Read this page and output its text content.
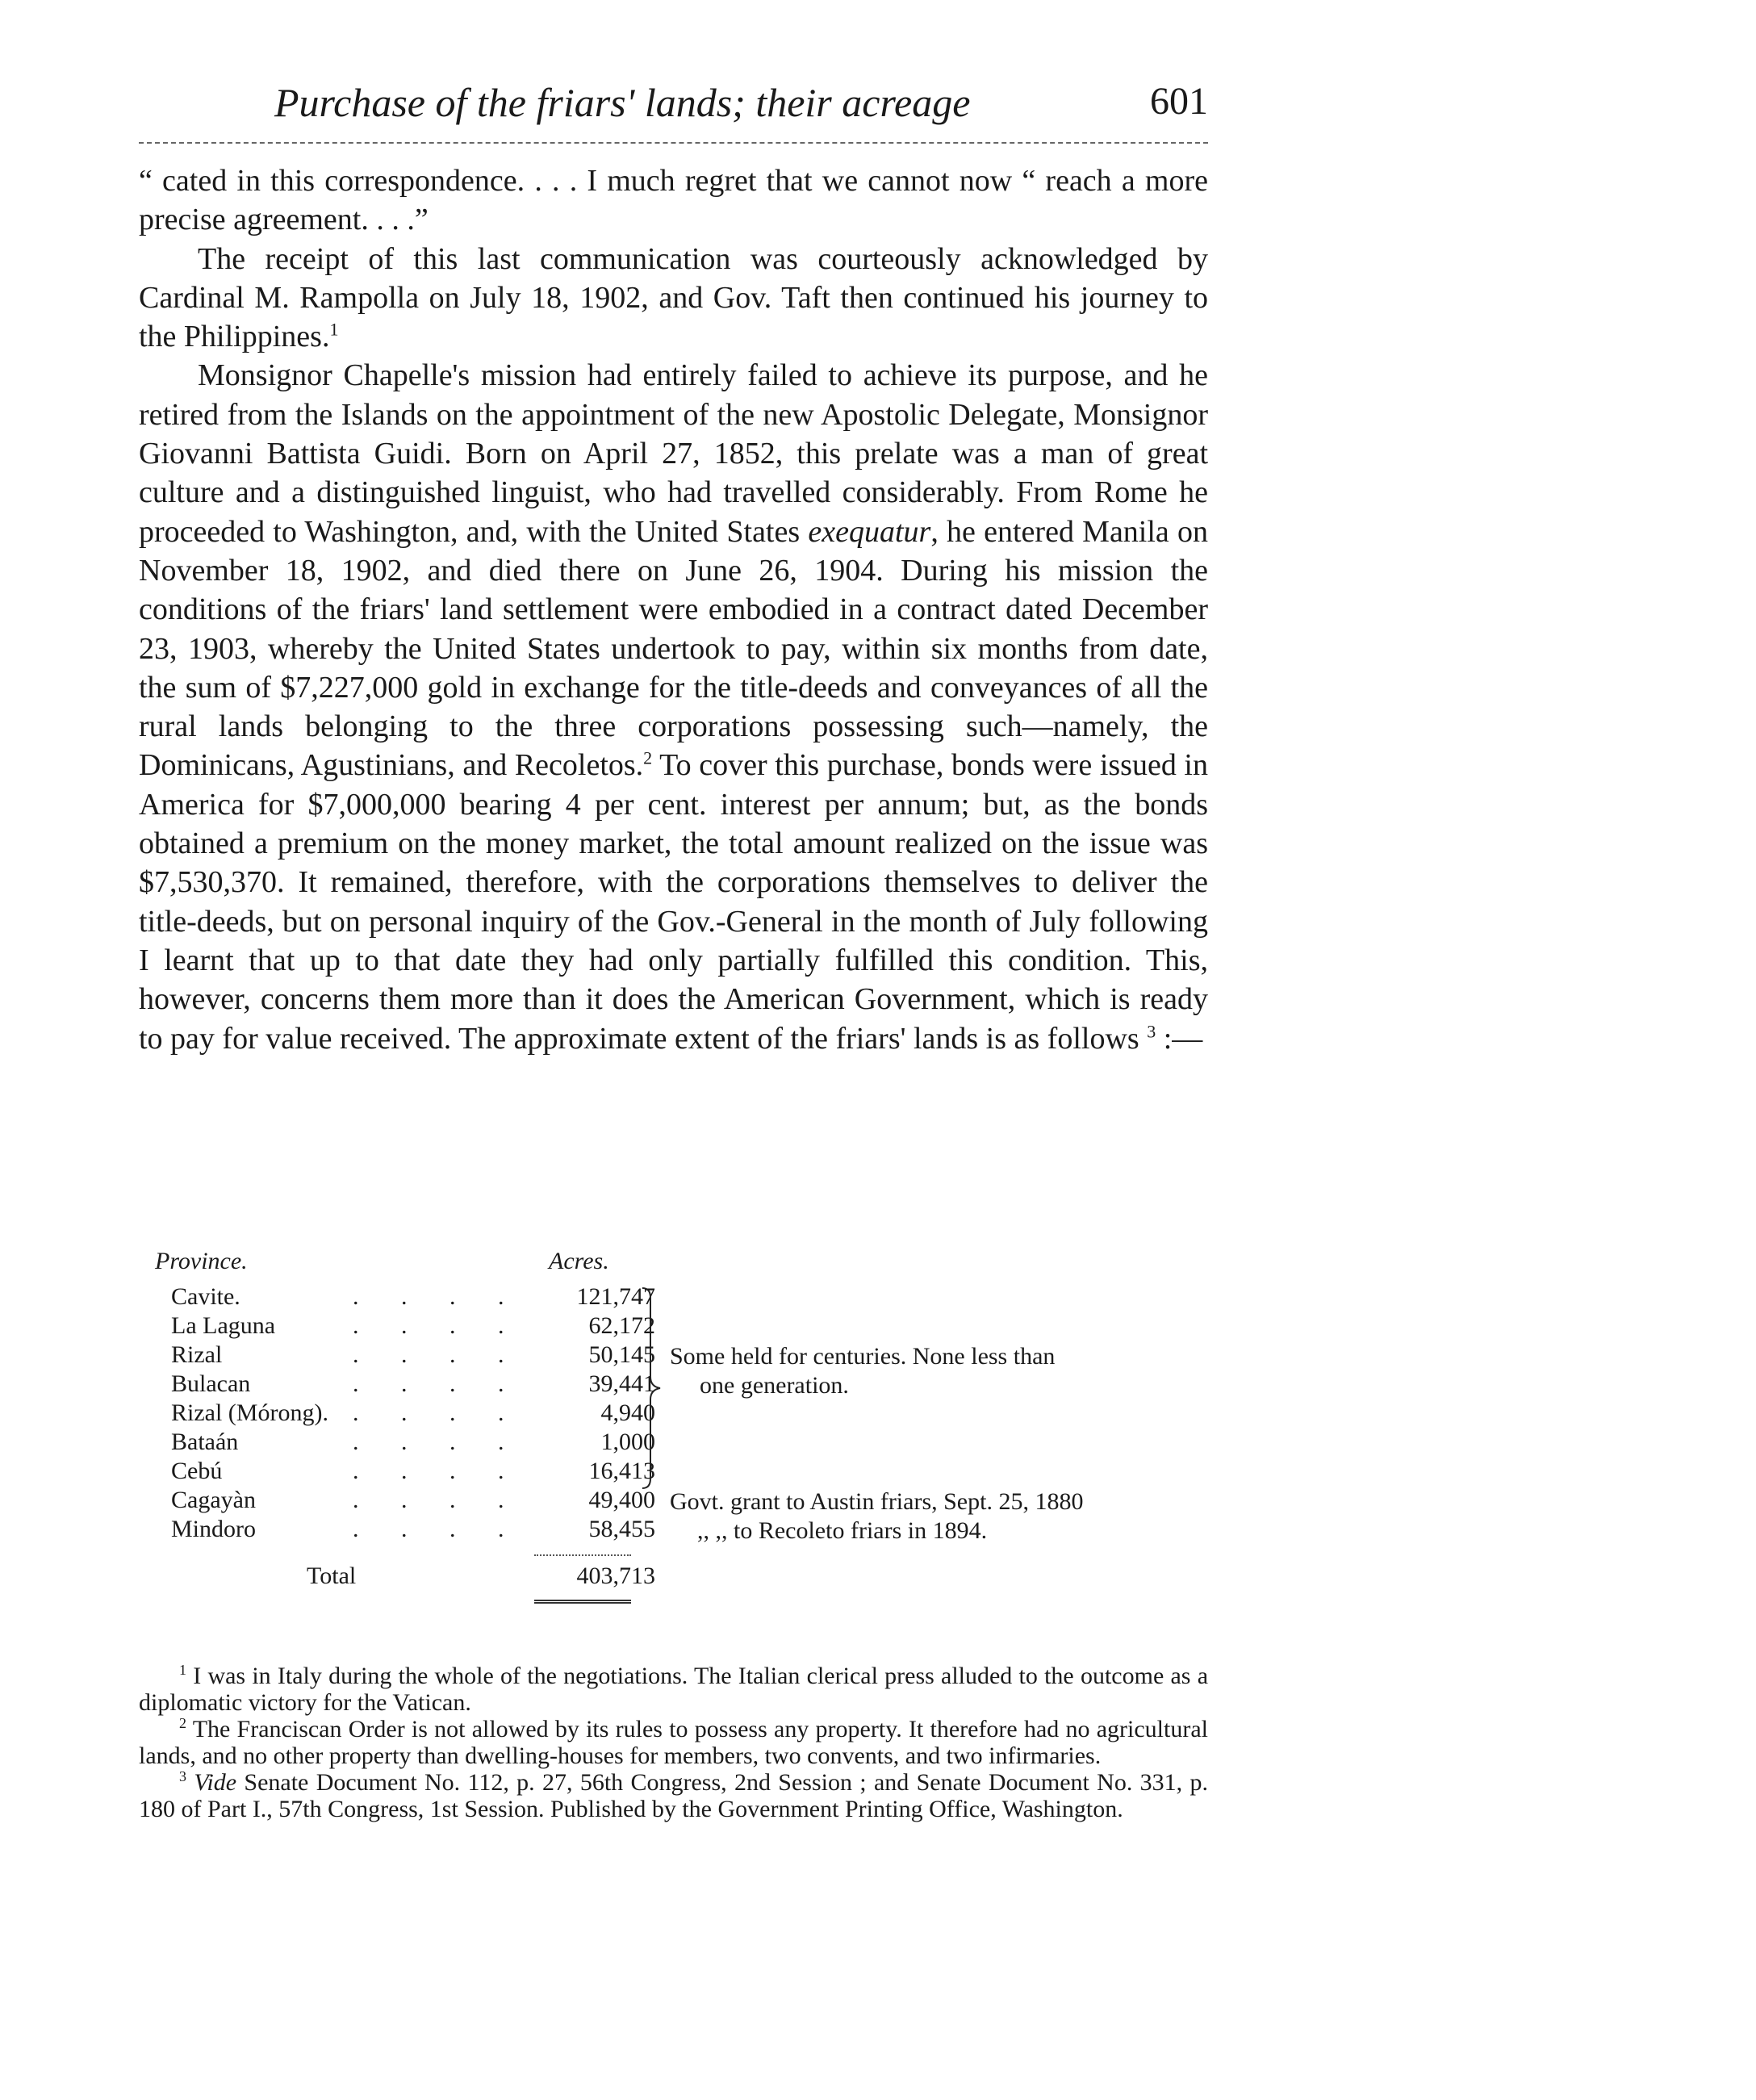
Purchase of the friars' lands; their acreage	601

“ cated in this correspondence. . . . I much regret that we cannot now “ reach a more precise agreement. . . .”

The receipt of this last communication was courteously acknowledged by Cardinal M. Rampolla on July 18, 1902, and Gov. Taft then continued his journey to the Philippines.$^1$

Monsignor Chapelle's mission had entirely failed to achieve its purpose, and he retired from the Islands on the appointment of the new Apostolic Delegate, Monsignor Giovanni Battista Guidi. Born on April 27, 1852, this prelate was a man of great culture and a distinguished linguist, who had travelled considerably. From Rome he proceeded to Washington, and, with the United States exequatur, he entered Manila on November 18, 1902, and died there on June 26, 1904. During his mission the conditions of the friars' land settlement were embodied in a contract dated December 23, 1903, whereby the United States undertook to pay, within six months from date, the sum of $7,227,000 gold in exchange for the title-deeds and conveyances of all the rural lands belonging to the three corporations possessing such—namely, the Dominicans, Agustinians, and Recoletos.$^2$ To cover this purchase, bonds were issued in America for $7,000,000 bearing 4 per cent. interest per annum; but, as the bonds obtained a premium on the money market, the total amount realized on the issue was $7,530,370. It remained, therefore, with the corporations themselves to deliver the title-deeds, but on personal inquiry of the Gov.-General in the month of July following I learnt that up to that date they had only partially fulfilled this condition. This, however, concerns them more than it does the American Government, which is ready to pay for value received. The approximate extent of the friars' lands is as follows $^3$ :—

Province.	Acres.
Cavite.	121,747
. . . .
La Laguna	62,172
. . . .
Rizal	50,145
. . . .
Bulacan	39,441
. . . .
Rizal (Mórong).	4,940
. . . .
Bataán	1,000
. . . .
Cebú	16,413
. . . .
Cagayàn	49,400
. . . .
Mindoro	58,455
. . . .
Some held for centuries. None less than
one generation.
Govt. grant to Austin friars, Sept. 25, 1880
,, ,, to Recoleto friars in 1894.
Total	403,713

$^1$ I was in Italy during the whole of the negotiations. The Italian clerical press alluded to the outcome as a diplomatic victory for the Vatican.

$^2$ The Franciscan Order is not allowed by its rules to possess any property. It therefore had no agricultural lands, and no other property than dwelling-houses for members, two convents, and two infirmaries.

$^3$ Vide Senate Document No. 112, p. 27, 56th Congress, 2nd Session ; and Senate Document No. 331, p. 180 of Part I., 57th Congress, 1st Session. Published by the Government Printing Office, Washington.
